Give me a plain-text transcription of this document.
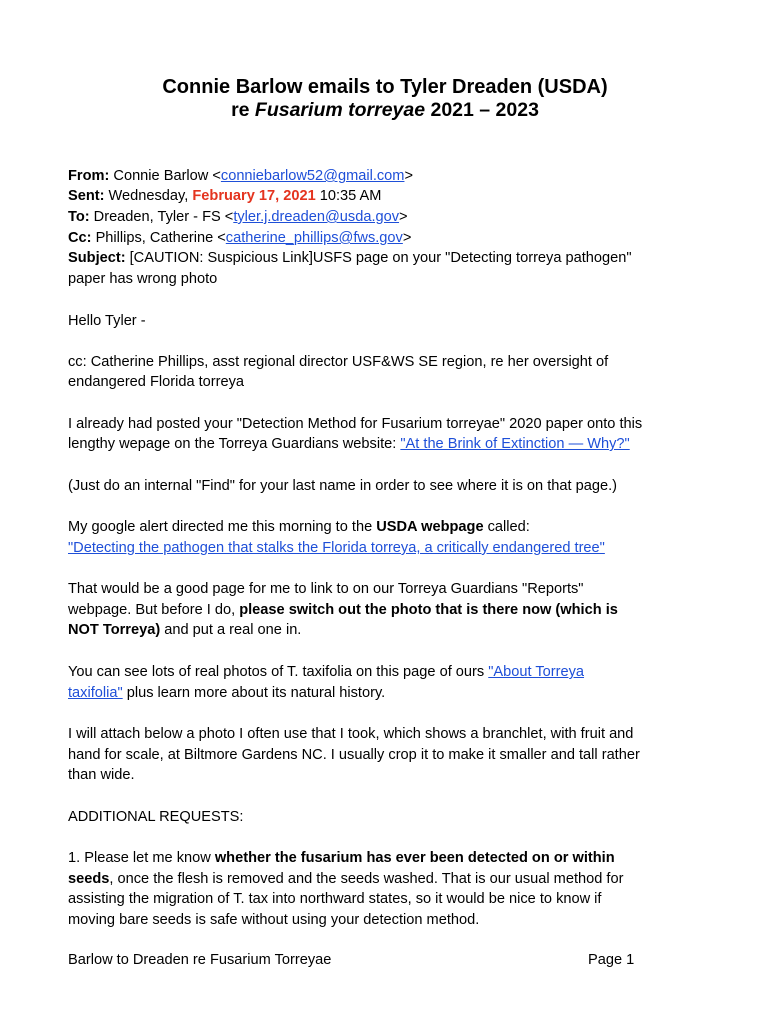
Connie Barlow emails to Tyler Dreaden (USDA)
re Fusarium torreyae 2021 – 2023
From: Connie Barlow <conniebarlow52@gmail.com>
Sent: Wednesday, February 17, 2021 10:35 AM
To: Dreaden, Tyler - FS <tyler.j.dreaden@usda.gov>
Cc: Phillips, Catherine <catherine_phillips@fws.gov>
Subject: [CAUTION: Suspicious Link]USFS page on your "Detecting torreya pathogen"
paper has wrong photo
Hello Tyler -
cc: Catherine Phillips, asst regional director USF&WS SE region, re her oversight of
endangered Florida torreya
I already had posted your "Detection Method for Fusarium torreyae" 2020 paper onto this
lengthy wepage on the Torreya Guardians website: "At the Brink of Extinction — Why?"
(Just do an internal "Find" for your last name in order to see where it is on that page.)
My google alert directed me this morning to the USDA webpage called:
"Detecting the pathogen that stalks the Florida torreya, a critically endangered tree"
That would be a good page for me to link to on our Torreya Guardians "Reports"
webpage. But before I do, please switch out the photo that is there now (which is
NOT Torreya) and put a real one in.
You can see lots of real photos of T. taxifolia on this page of ours "About Torreya
taxifolia" plus learn more about its natural history.
I will attach below a photo I often use that I took, which shows a branchlet, with fruit and
hand for scale, at Biltmore Gardens NC. I usually crop it to make it smaller and tall rather
than wide.
ADDITIONAL REQUESTS:
1. Please let me know whether the fusarium has ever been detected on or within
seeds, once the flesh is removed and the seeds washed. That is our usual method for
assisting the migration of T. tax into northward states, so it would be nice to know if
moving bare seeds is safe without using your detection method.
Barlow to Dreaden re Fusarium Torreyae	Page 1
